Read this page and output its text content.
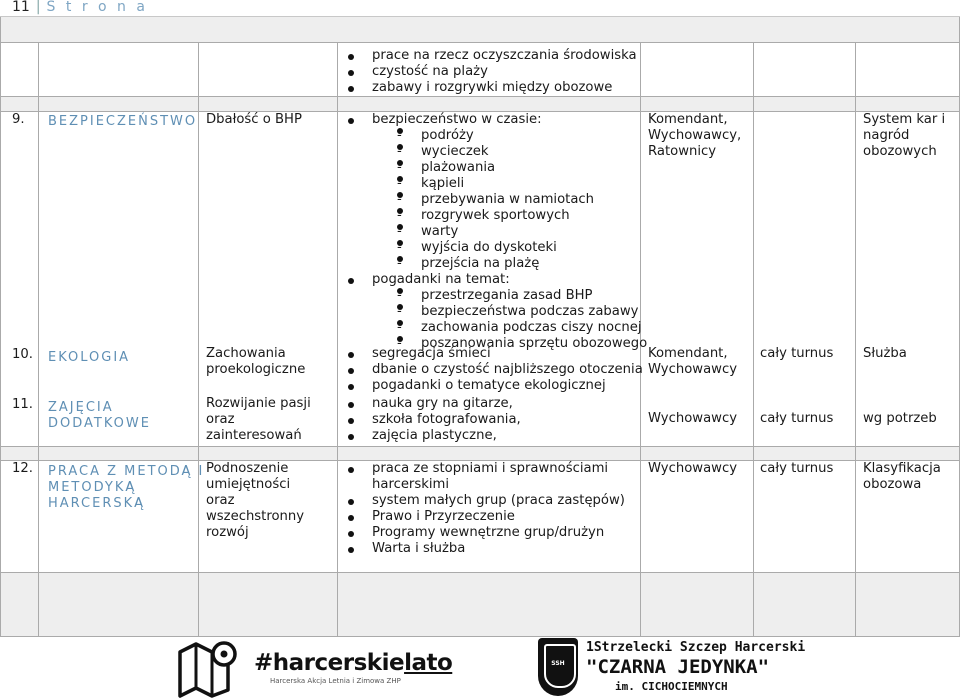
11 | S t r o n a
prace na rzecz oczyszczania środowiska
czystość na plaży
zabawy i rozgrywki między obozowe
9. BEZPIECZEŃSTWO Dbałość o BHP	bezpieczeństwo w czasie:
- podróży
- wycieczek
- plażowania
- kąpieli
- przebywania w namiotach
- rozgrywek sportowych
- warty
- wyjścia do dyskoteki
- przejścia na plażę
pogadanki na temat:
- przestrzegania zasad BHP
- bezpieczeństwa podczas zabawy
- zachowania podczas ciszy nocnej
- poszanowania sprzętu obozowego
Komendant,
Wychowawcy,
Ratownicy
System kar i
nagród
obozowych
10. EKOLOGIA	Zachowania
proekologiczne
segregacja śmieci
dbanie o czystość najbliższego otoczenia
pogadanki o tematyce ekologicznej
Komendant,
Wychowawcy
cały turnus Służba
11. ZAJĘCIA
DODATKOWE
Rozwijanie pasji
oraz
zainteresowań
nauka gry na gitarze,
szkoła fotografowania,
zajęcia plastyczne,
Wychowawcy cały turnus wg potrzeb
12. PRACA Z METODĄ I
METODYKĄ
HARCERSKĄ
Podnoszenie
umiejętności
oraz
wszechstronny
rozwój
praca ze stopniami i sprawnościami
harcerskimi
system małych grup (praca zastępów)
Prawo i Przyrzeczenie
Programy wewnętrzne grup/drużyn
Warta i służba
Wychowawcy cały turnus Klasyfikacja
obozowa
#harcerskielato
Harcerska Akcja Letnia i Zimowa ZHP
SSH
1Strzelecki Szczep Harcerski
"CZARNA JEDYNKA"
im. CICHOCIEMNYCH
